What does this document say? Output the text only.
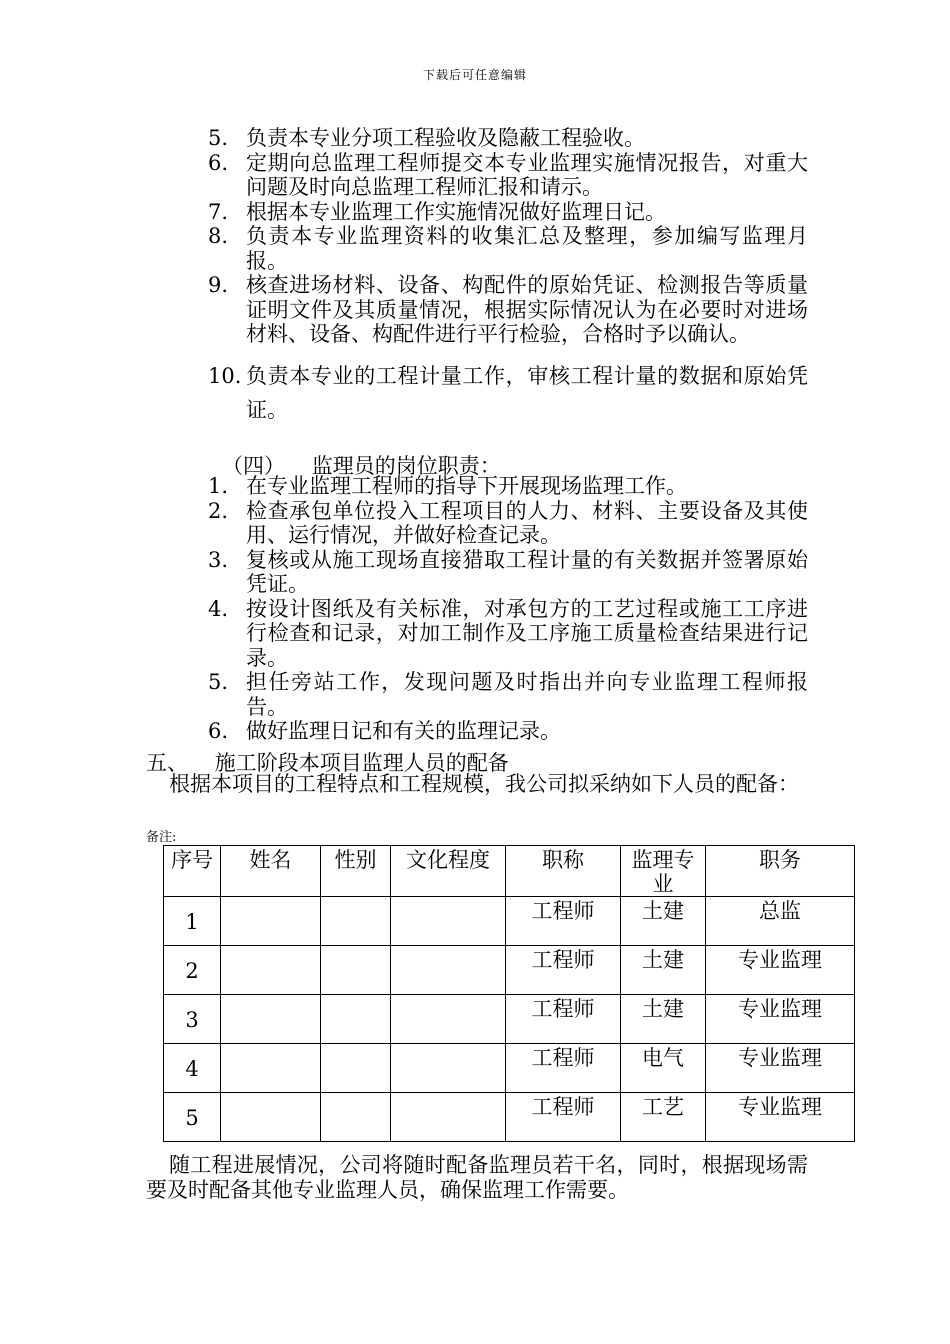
下载后可任意编辑
5. 负责本专业分项工程验收及隐蔽工程验收。
6. 定期向总监理工程师提交本专业监理实施情况报告，对重大问题及时向总监理工程师汇报和请示。
7. 根据本专业监理工作实施情况做好监理日记。
8. 负责本专业监理资料的收集汇总及整理，参加编写监理月报。
9. 核查进场材料、设备、构配件的原始凭证、检测报告等质量证明文件及其质量情况，根据实际情况认为在必要时对进场材料、设备、构配件进行平行检验，合格时予以确认。
10. 负责本专业的工程计量工作，审核工程计量的数据和原始凭证。
（四） 监理员的岗位职责：
1. 在专业监理工程师的指导下开展现场监理工作。
2. 检查承包单位投入工程项目的人力、材料、主要设备及其使用、运行情况，并做好检查记录。
3. 复核或从施工现场直接猎取工程计量的有关数据并签署原始凭证。
4. 按设计图纸及有关标准，对承包方的工艺过程或施工工序进行检查和记录，对加工制作及工序施工质量检查结果进行记录。
5. 担任旁站工作，发现问题及时指出并向专业监理工程师报告。
6. 做好监理日记和有关的监理记录。
五、 施工阶段本项目监理人员的配备
根据本项目的工程特点和工程规模，我公司拟采纳如下人员的配备：
备注:
序号	姓名	性别	文化程度	职称	监理专业	职务
1				工程师	土建	总监
2				工程师	土建	专业监理
3				工程师	土建	专业监理
4				工程师	电气	专业监理
5				工程师	工艺	专业监理
随工程进展情况，公司将随时配备监理员若干名，同时，根据现场需要及时配备其他专业监理人员，确保监理工作需要。
